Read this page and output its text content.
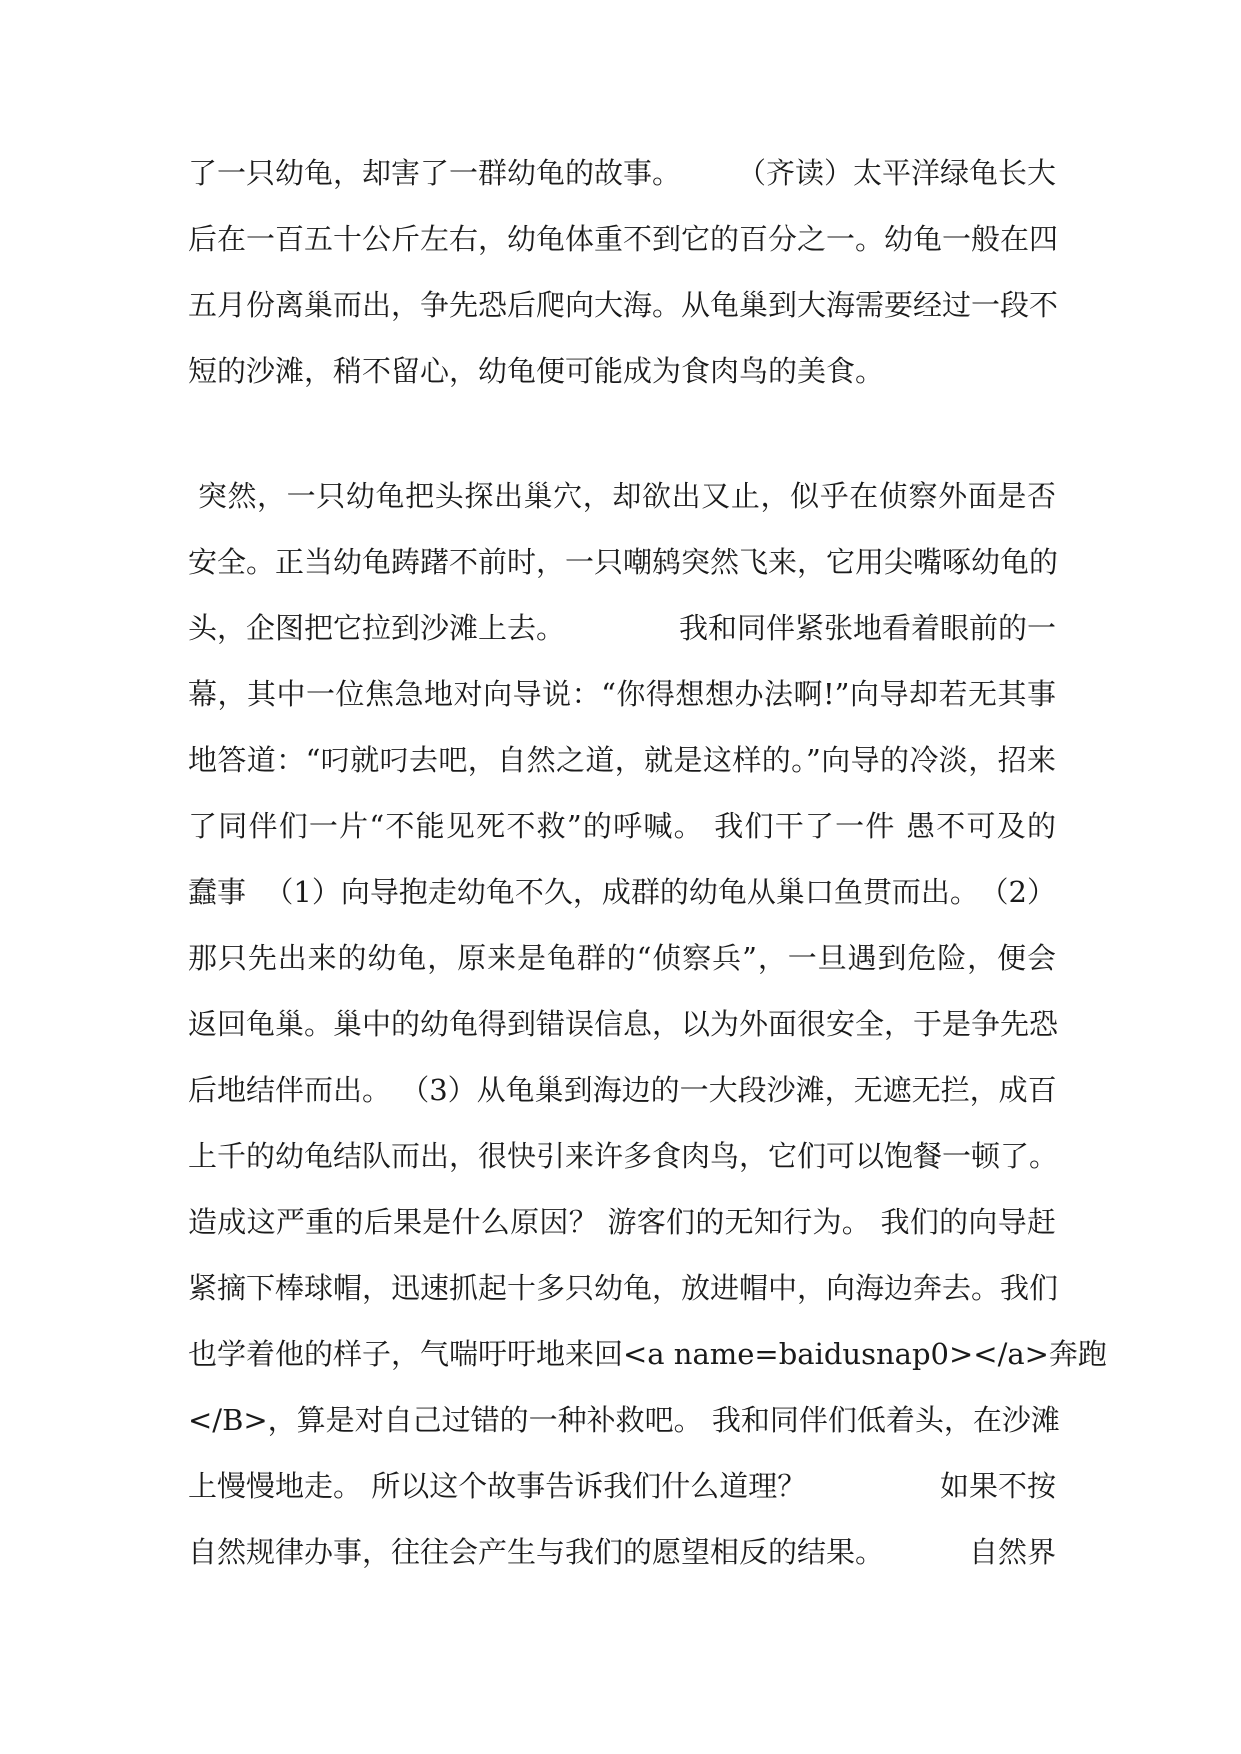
了一只幼龟，却害了一群幼龟的故事。 （齐读）太平洋绿龟长大
后在一百五十公斤左右，幼龟体重不到它的百分之一。幼龟一般在四
五月份离巢而出，争先恐后爬向大海。从龟巢到大海需要经过一段不
短的沙滩，稍不留心，幼龟便可能成为食肉鸟的美食。
突然，一只幼龟把头探出巢穴，却欲出又止，似乎在侦察外面是否
安全。正当幼龟踌躇不前时，一只嘲鸫突然飞来，它用尖嘴啄幼龟的
头，企图把它拉到沙滩上去。	我和同伴紧张地看着眼前的一
幕，其中一位焦急地对向导说：“你得想想办法啊!”向导却若无其事
地答道：“叼就叼去吧，自然之道，就是这样的。”向导的冷淡，招来
了同伴们一片“不能见死不救”的呼喊。 我们干了一件 愚不可及的
蠢事  （1）向导抱走幼龟不久，成群的幼龟从巢口鱼贯而出。 （2）
那只先出来的幼龟，原来是龟群的“侦察兵”，一旦遇到危险，便会
返回龟巢。巢中的幼龟得到错误信息，以为外面很安全，于是争先恐
后地结伴而出。 （3）从龟巢到海边的一大段沙滩，无遮无拦，成百
上千的幼龟结队而出，很快引来许多食肉鸟，它们可以饱餐一顿了。
造成这严重的后果是什么原因？ 游客们的无知行为。 我们的向导赶
紧摘下棒球帽，迅速抓起十多只幼龟，放进帽中，向海边奔去。我们
也学着他的样子，气喘吁吁地来回<a name=baidusnap0></a>奔跑
</B>，算是对自己过错的一种补救吧。 我和同伴们低着头，在沙滩
上慢慢地走。 所以这个故事告诉我们什么道理？	如果不按
自然规律办事，往往会产生与我们的愿望相反的结果。	自然界
